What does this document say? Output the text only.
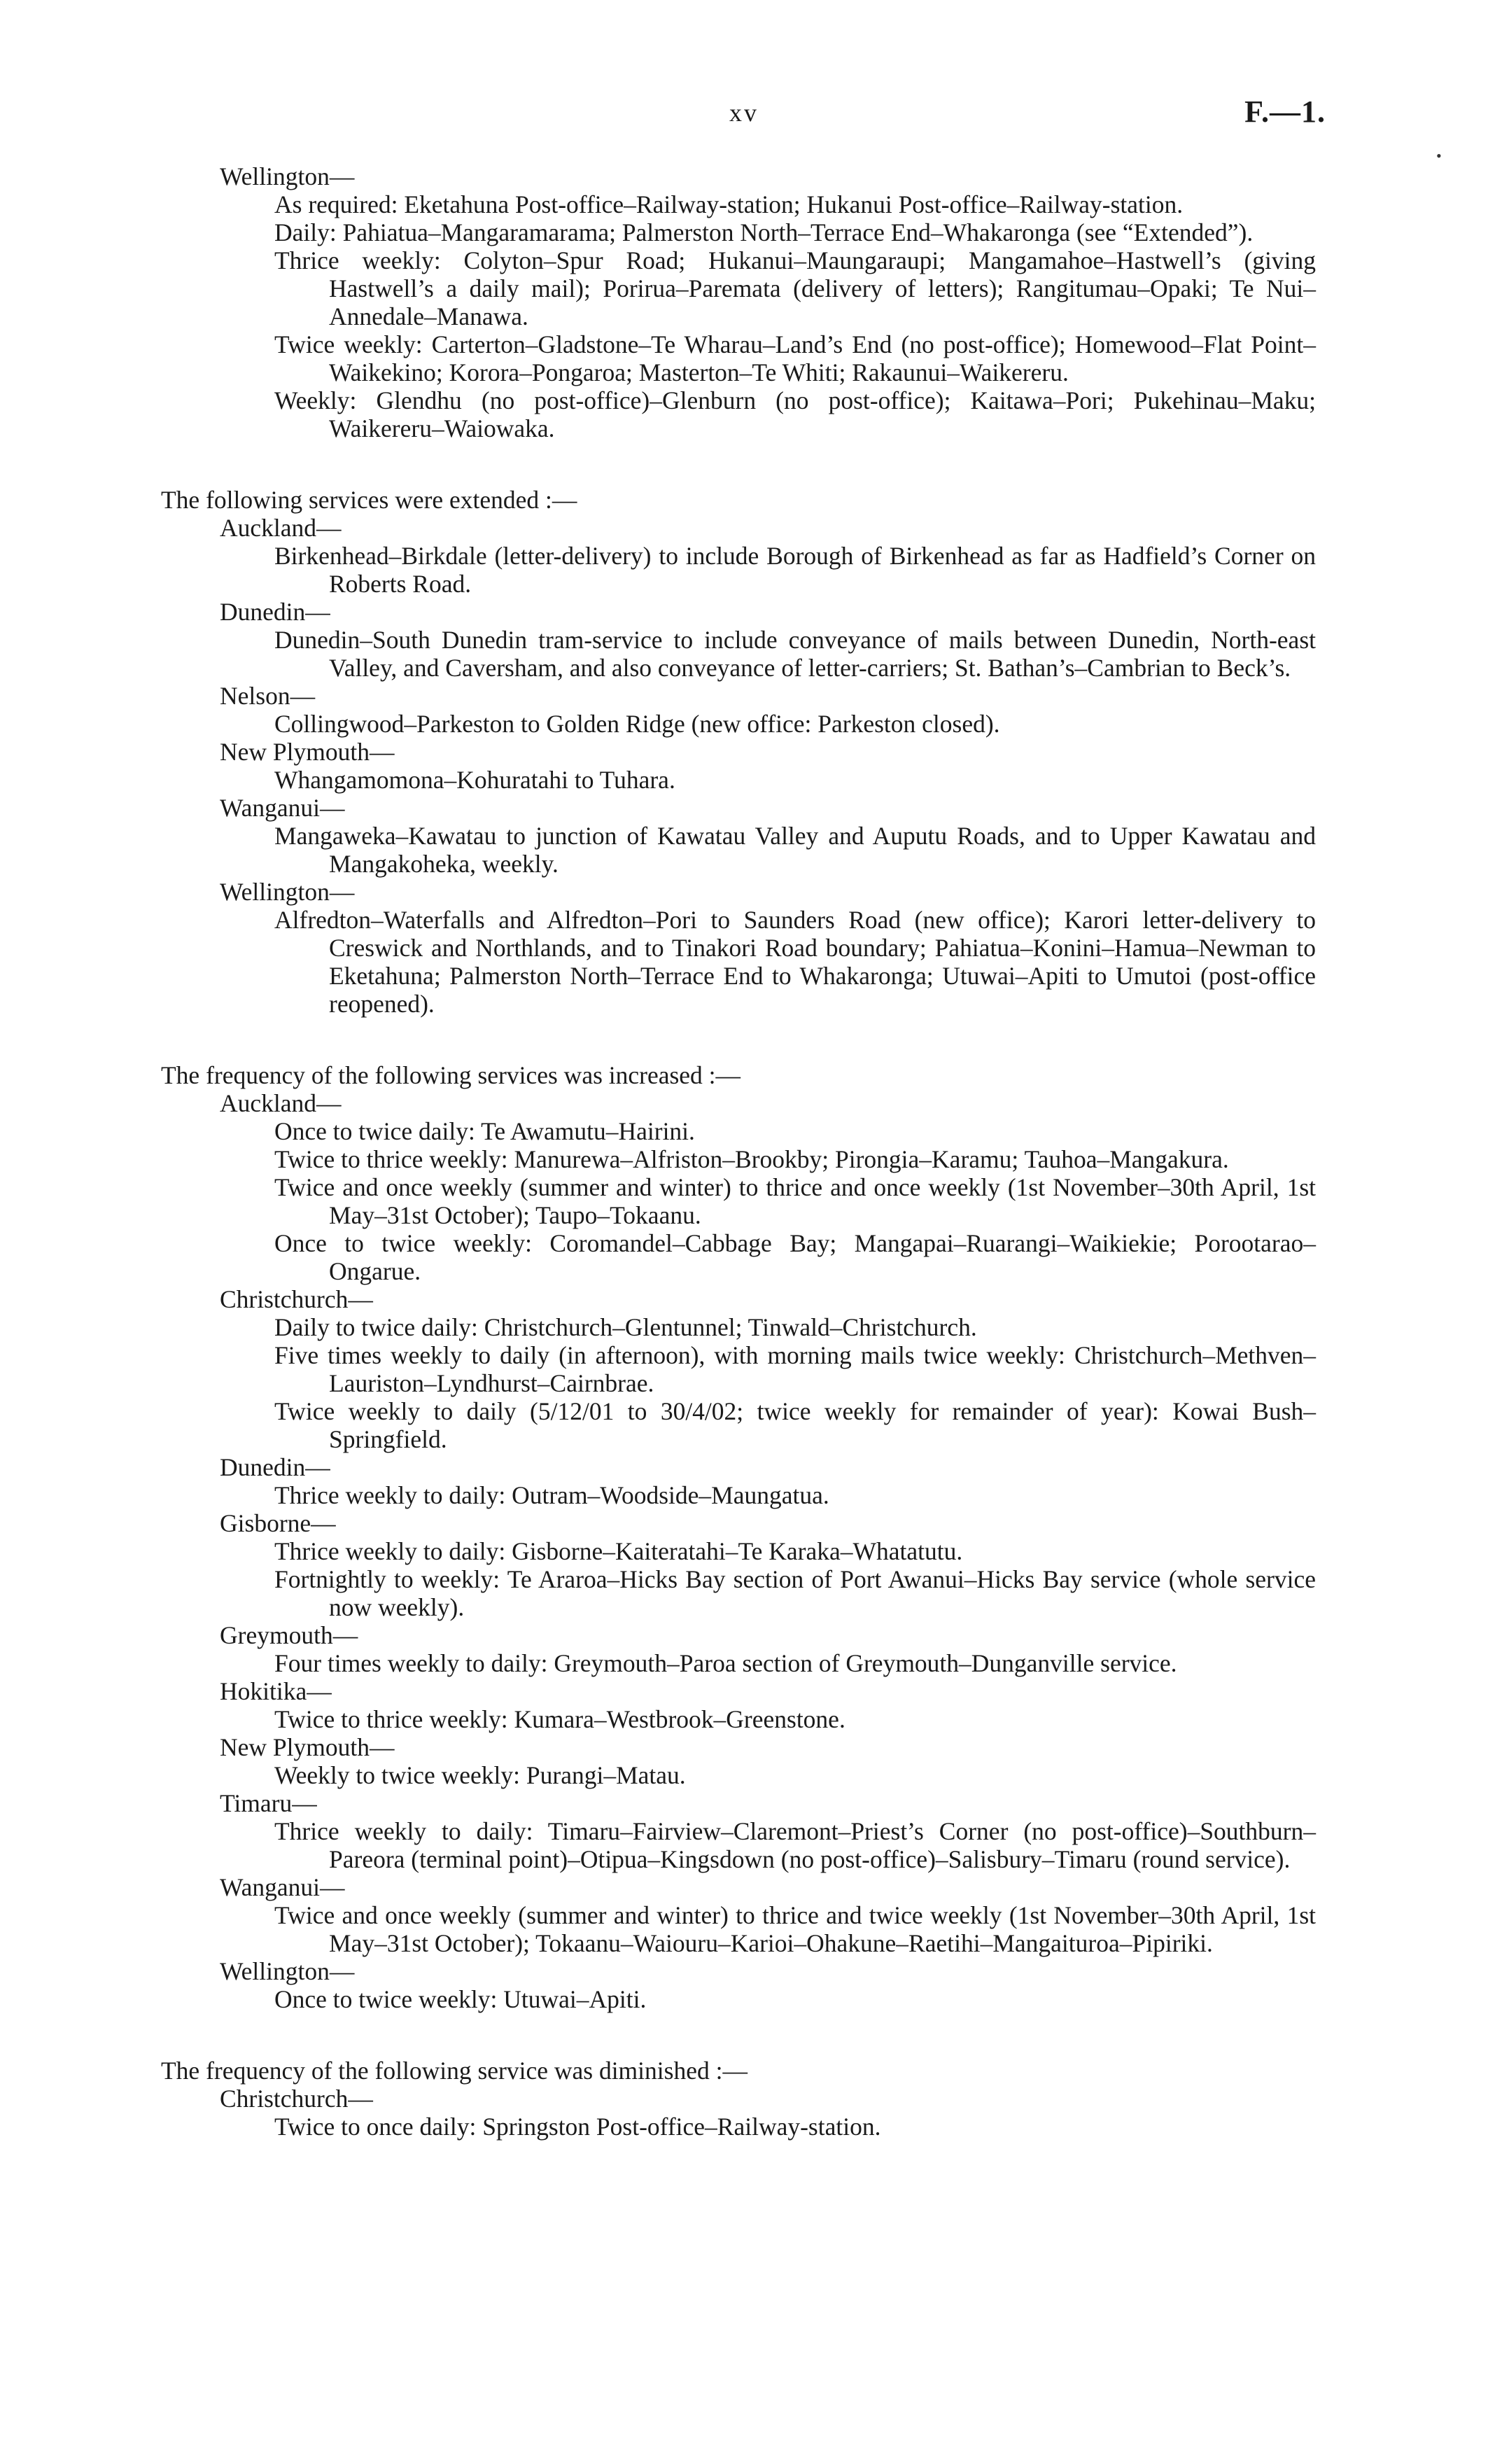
xv	F.—1.
•
Wellington—
As required: Eketahuna Post-office–Railway-station; Hukanui Post-office–Railway-station.
Daily: Pahiatua–Mangaramarama; Palmerston North–Terrace End–Whakaronga (see “Extended”).
Thrice weekly: Colyton–Spur Road; Hukanui–Maungaraupi; Mangamahoe–Hastwell’s (giving Hastwell’s a daily mail); Porirua–Paremata (delivery of letters); Rangitumau–Opaki; Te Nui–Annedale–Manawa.
Twice weekly: Carterton–Gladstone–Te Wharau–Land’s End (no post-office); Homewood–Flat Point–Waikekino; Korora–Pongaroa; Masterton–Te Whiti; Rakaunui–Waikereru.
Weekly: Glendhu (no post-office)–Glenburn (no post-office); Kaitawa–Pori; Pukehinau–Maku; Waikereru–Waiowaka.
The following services were extended :—
Auckland—
Birkenhead–Birkdale (letter-delivery) to include Borough of Birkenhead as far as Hadfield’s Corner on Roberts Road.
Dunedin—
Dunedin–South Dunedin tram-service to include conveyance of mails between Dunedin, North-east Valley, and Caversham, and also conveyance of letter-carriers; St. Bathan’s–Cambrian to Beck’s.
Nelson—
Collingwood–Parkeston to Golden Ridge (new office: Parkeston closed).
New Plymouth—
Whangamomona–Kohuratahi to Tuhara.
Wanganui—
Mangaweka–Kawatau to junction of Kawatau Valley and Auputu Roads, and to Upper Kawatau and Mangakoheka, weekly.
Wellington—
Alfredton–Waterfalls and Alfredton–Pori to Saunders Road (new office); Karori letter-delivery to Creswick and Northlands, and to Tinakori Road boundary; Pahiatua–Konini–Hamua–Newman to Eketahuna; Palmerston North–Terrace End to Whakaronga; Utuwai–Apiti to Umutoi (post-office reopened).
The frequency of the following services was increased :—
Auckland—
Once to twice daily: Te Awamutu–Hairini.
Twice to thrice weekly: Manurewa–Alfriston–Brookby; Pirongia–Karamu; Tauhoa–Mangakura.
Twice and once weekly (summer and winter) to thrice and once weekly (1st November–30th April, 1st May–31st October); Taupo–Tokaanu.
Once to twice weekly: Coromandel–Cabbage Bay; Mangapai–Ruarangi–Waikiekie; Porootarao–Ongarue.
Christchurch—
Daily to twice daily: Christchurch–Glentunnel; Tinwald–Christchurch.
Five times weekly to daily (in afternoon), with morning mails twice weekly: Christchurch–Methven–Lauriston–Lyndhurst–Cairnbrae.
Twice weekly to daily (5/12/01 to 30/4/02; twice weekly for remainder of year): Kowai Bush–Springfield.
Dunedin—
Thrice weekly to daily: Outram–Woodside–Maungatua.
Gisborne—
Thrice weekly to daily: Gisborne–Kaiteratahi–Te Karaka–Whatatutu.
Fortnightly to weekly: Te Araroa–Hicks Bay section of Port Awanui–Hicks Bay service (whole service now weekly).
Greymouth—
Four times weekly to daily: Greymouth–Paroa section of Greymouth–Dunganville service.
Hokitika—
Twice to thrice weekly: Kumara–Westbrook–Greenstone.
New Plymouth—
Weekly to twice weekly: Purangi–Matau.
Timaru—
Thrice weekly to daily: Timaru–Fairview–Claremont–Priest’s Corner (no post-office)–Southburn–Pareora (terminal point)–Otipua–Kingsdown (no post-office)–Salisbury–Timaru (round service).
Wanganui—
Twice and once weekly (summer and winter) to thrice and twice weekly (1st November–30th April, 1st May–31st October); Tokaanu–Waiouru–Karioi–Ohakune–Raetihi–Mangaituroa–Pipiriki.
Wellington—
Once to twice weekly: Utuwai–Apiti.
The frequency of the following service was diminished :—
Christchurch—
Twice to once daily: Springston Post-office–Railway-station.
